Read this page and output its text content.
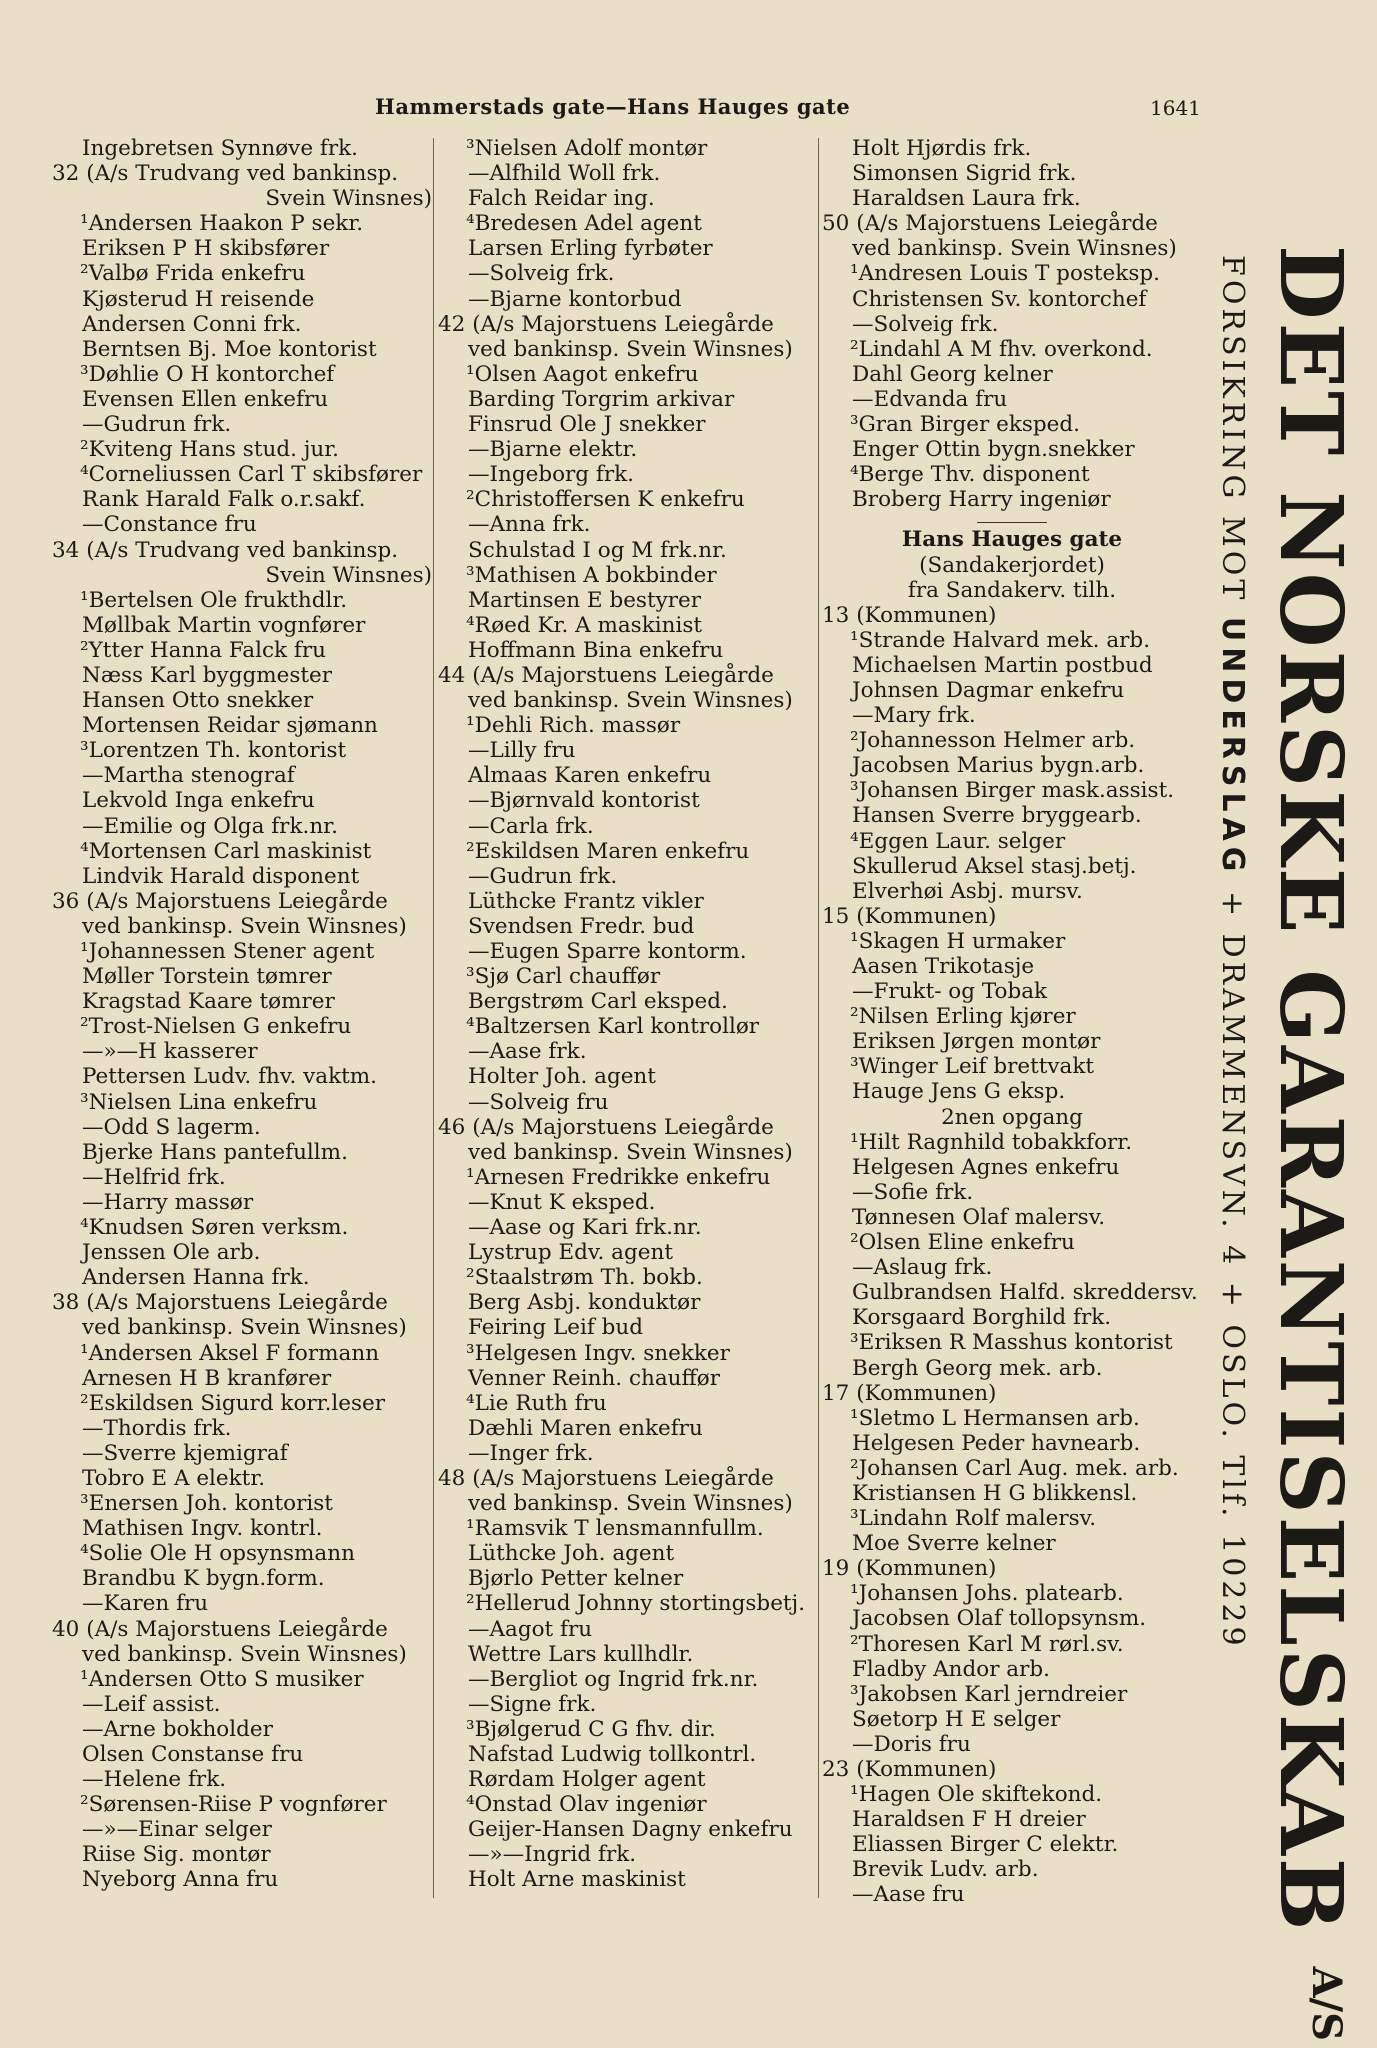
Hammerstads gate—Hans Hauges gate	1641
Ingebretsen Synnøve frk.
32 (A/s Trudvang ved bankinsp.
Svein Winsnes)
¹Andersen Haakon P sekr.
Eriksen P H skibsfører
²Valbø Frida enkefru
Kjøsterud H reisende
Andersen Conni frk.
Berntsen Bj. Moe kontorist
³Døhlie O H kontorchef
Evensen Ellen enkefru
—Gudrun frk.
²Kviteng Hans stud. jur.
⁴Corneliussen Carl T skibsfører
Rank Harald Falk o.r.sakf.
—Constance fru
34 (A/s Trudvang ved bankinsp.
Svein Winsnes)
¹Bertelsen Ole frukthdlr.
Møllbak Martin vognfører
²Ytter Hanna Falck fru
Næss Karl byggmester
Hansen Otto snekker
Mortensen Reidar sjømann
³Lorentzen Th. kontorist
—Martha stenograf
Lekvold Inga enkefru
—Emilie og Olga frk.nr.
⁴Mortensen Carl maskinist
Lindvik Harald disponent
36 (A/s Majorstuens Leiegårde
ved bankinsp. Svein Winsnes)
¹Johannessen Stener agent
Møller Torstein tømrer
Kragstad Kaare tømrer
²Trost-Nielsen G enkefru
—»—H kasserer
Pettersen Ludv. fhv. vaktm.
³Nielsen Lina enkefru
—Odd S lagerm.
Bjerke Hans pantefullm.
—Helfrid frk.
—Harry massør
⁴Knudsen Søren verksm.
Jenssen Ole arb.
Andersen Hanna frk.
38 (A/s Majorstuens Leiegårde
ved bankinsp. Svein Winsnes)
¹Andersen Aksel F formann
Arnesen H B kranfører
²Eskildsen Sigurd korr.leser
—Thordis frk.
—Sverre kjemigraf
Tobro E A elektr.
³Enersen Joh. kontorist
Mathisen Ingv. kontrl.
⁴Solie Ole H opsynsmann
Brandbu K bygn.form.
—Karen fru
40 (A/s Majorstuens Leiegårde
ved bankinsp. Svein Winsnes)
¹Andersen Otto S musiker
—Leif assist.
—Arne bokholder
Olsen Constanse fru
—Helene frk.
²Sørensen-Riise P vognfører
—»—Einar selger
Riise Sig. montør
Nyeborg Anna fru
³Nielsen Adolf montør
—Alfhild Woll frk.
Falch Reidar ing.
⁴Bredesen Adel agent
Larsen Erling fyrbøter
—Solveig frk.
—Bjarne kontorbud
42 (A/s Majorstuens Leiegårde
ved bankinsp. Svein Winsnes)
¹Olsen Aagot enkefru
Barding Torgrim arkivar
Finsrud Ole J snekker
—Bjarne elektr.
—Ingeborg frk.
²Christoffersen K enkefru
—Anna frk.
Schulstad I og M frk.nr.
³Mathisen A bokbinder
Martinsen E bestyrer
⁴Røed Kr. A maskinist
Hoffmann Bina enkefru
44 (A/s Majorstuens Leiegårde
ved bankinsp. Svein Winsnes)
¹Dehli Rich. massør
—Lilly fru
Almaas Karen enkefru
—Bjørnvald kontorist
—Carla frk.
²Eskildsen Maren enkefru
—Gudrun frk.
Lüthcke Frantz vikler
Svendsen Fredr. bud
—Eugen Sparre kontorm.
³Sjø Carl chauffør
Bergstrøm Carl eksped.
⁴Baltzersen Karl kontrollør
—Aase frk.
Holter Joh. agent
—Solveig fru
46 (A/s Majorstuens Leiegårde
ved bankinsp. Svein Winsnes)
¹Arnesen Fredrikke enkefru
—Knut K eksped.
—Aase og Kari frk.nr.
Lystrup Edv. agent
²Staalstrøm Th. bokb.
Berg Asbj. konduktør
Feiring Leif bud
³Helgesen Ingv. snekker
Venner Reinh. chauffør
⁴Lie Ruth fru
Dæhli Maren enkefru
—Inger frk.
48 (A/s Majorstuens Leiegårde
ved bankinsp. Svein Winsnes)
¹Ramsvik T lensmannfullm.
Lüthcke Joh. agent
Bjørlo Petter kelner
²Hellerud Johnny stortingsbetj.
—Aagot fru
Wettre Lars kullhdlr.
—Bergliot og Ingrid frk.nr.
—Signe frk.
³Bjølgerud C G fhv. dir.
Nafstad Ludwig tollkontrl.
Rørdam Holger agent
⁴Onstad Olav ingeniør
Geijer-Hansen Dagny enkefru
—»—Ingrid frk.
Holt Arne maskinist
Holt Hjørdis frk.
Simonsen Sigrid frk.
Haraldsen Laura frk.
50 (A/s Majorstuens Leiegårde
ved bankinsp. Svein Winsnes)
¹Andresen Louis T posteksp.
Christensen Sv. kontorchef
—Solveig frk.
²Lindahl A M fhv. overkond.
Dahl Georg kelner
—Edvanda fru
³Gran Birger eksped.
Enger Ottin bygn.snekker
⁴Berge Thv. disponent
Broberg Harry ingeniør
Hans Hauges gate
(Sandakerjordet)
fra Sandakerv. tilh.
13 (Kommunen)
¹Strande Halvard mek. arb.
Michaelsen Martin postbud
Johnsen Dagmar enkefru
—Mary frk.
²Johannesson Helmer arb.
Jacobsen Marius bygn.arb.
³Johansen Birger mask.assist.
Hansen Sverre bryggearb.
⁴Eggen Laur. selger
Skullerud Aksel stasj.betj.
Elverhøi Asbj. mursv.
15 (Kommunen)
¹Skagen H urmaker
Aasen Trikotasje
—Frukt- og Tobak
²Nilsen Erling kjører
Eriksen Jørgen montør
³Winger Leif brettvakt
Hauge Jens G eksp.
2nen opgang
¹Hilt Ragnhild tobakkforr.
Helgesen Agnes enkefru
—Sofie frk.
Tønnesen Olaf malersv.
²Olsen Eline enkefru
—Aslaug frk.
Gulbrandsen Halfd. skreddersv.
Korsgaard Borghild frk.
³Eriksen R Masshus kontorist
Bergh Georg mek. arb.
17 (Kommunen)
¹Sletmo L Hermansen arb.
Helgesen Peder havnearb.
²Johansen Carl Aug. mek. arb.
Kristiansen H G blikkensl.
³Lindahn Rolf malersv.
Moe Sverre kelner
19 (Kommunen)
¹Johansen Johs. platearb.
Jacobsen Olaf tollopsynsm.
²Thoresen Karl M rørl.sv.
Fladby Andor arb.
³Jakobsen Karl jerndreier
Søetorp H E selger
—Doris fru
23 (Kommunen)
¹Hagen Ole skiftekond.
Haraldsen F H dreier
Eliassen Birger C elektr.
Brevik Ludv. arb.
—Aase fru	DET NORSKE GARANTISELSKAB $^{A/S}$
FORSIKRING MOT UNDERSLAG + DRAMMENSVN. 4 + OSLO. Tlf. 10229
